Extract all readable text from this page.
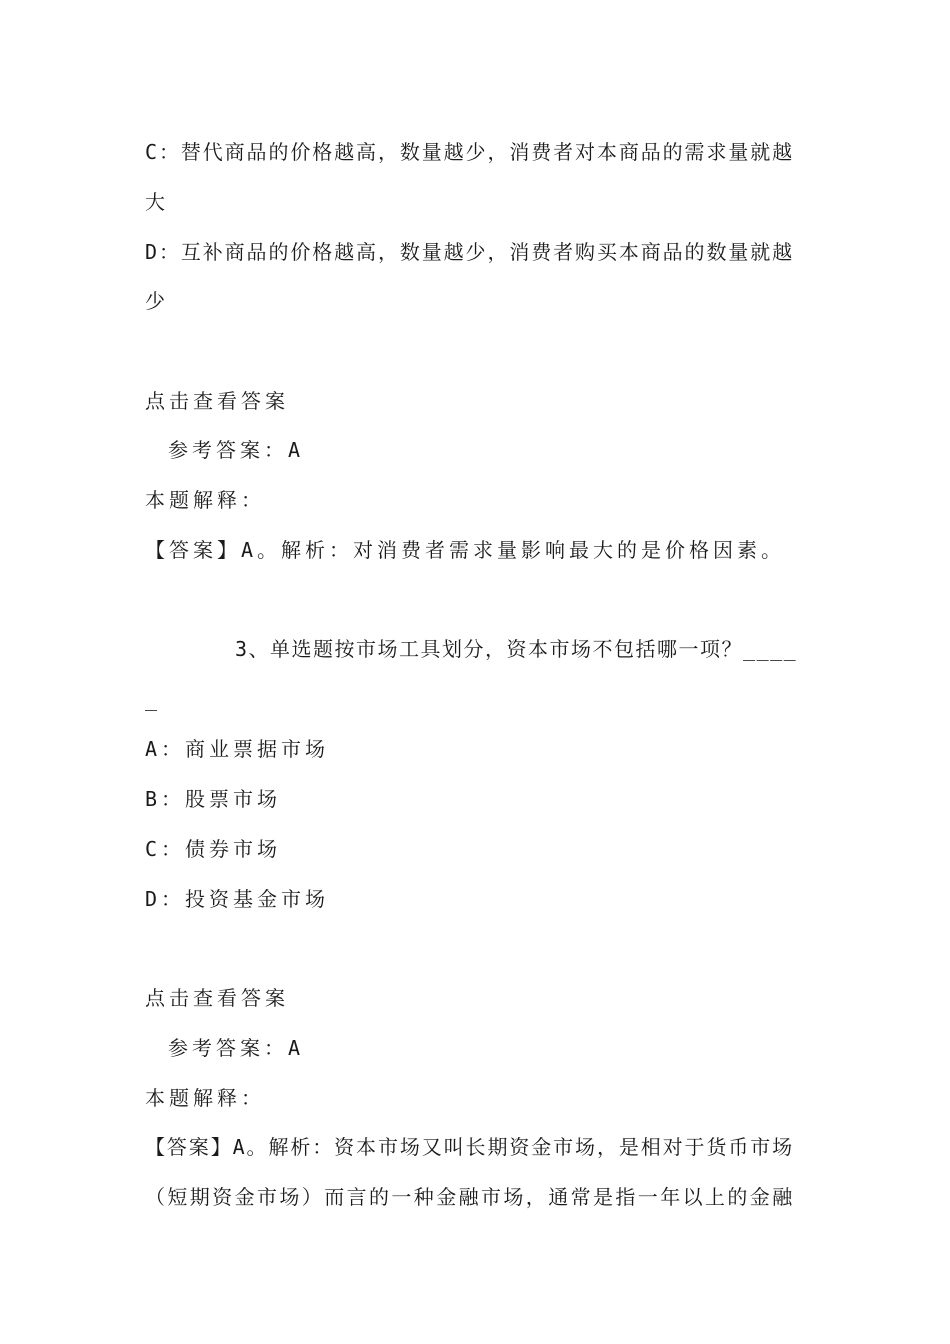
C：替代商品的价格越高，数量越少，消费者对本商品的需求量就越
大
D：互补商品的价格越高，数量越少，消费者购买本商品的数量就越
少
点击查看答案
参考答案：A
本题解释：
【答案】A。解析：对消费者需求量影响最大的是价格因素。
3、单选题按市场工具划分，资本市场不包括哪一项？____
_
A：商业票据市场
B：股票市场
C：债券市场
D：投资基金市场
点击查看答案
参考答案：A
本题解释：
【答案】A。解析：资本市场又叫长期资金市场，是相对于货币市场
（短期资金市场）而言的一种金融市场，通常是指一年以上的金融
